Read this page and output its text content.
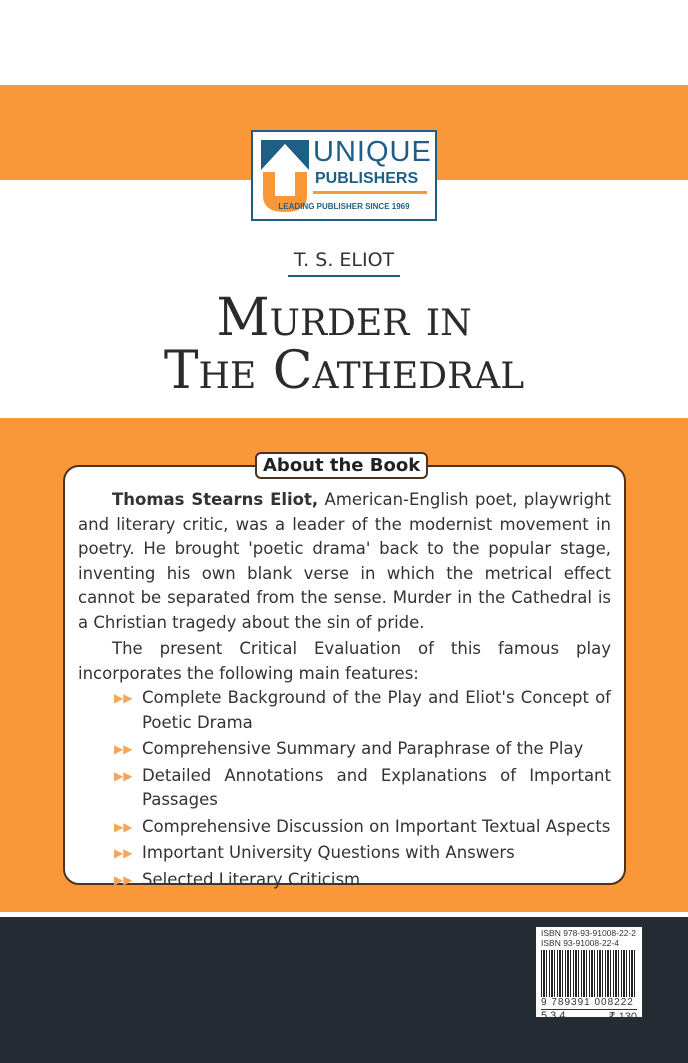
UNIQUE
PUBLISHERS
LEADING PUBLISHER SINCE 1969
T. S. ELIOT
Murder in
The Cathedral
About the Book

Thomas Stearns Eliot, American-English poet, playwright and literary critic, was a leader of the modernist movement in poetry. He brought 'poetic drama' back to the popular stage, inventing his own blank verse in which the metrical effect cannot be separated from the sense. Murder in the Cathedral is a Christian tragedy about the sin of pride.

The present Critical Evaluation of this famous play incorporates the following main features:

▶▶ Complete Background of the Play and Eliot's Concept of Poetic Drama
▶▶ Comprehensive Summary and Paraphrase of the Play
▶▶ Detailed Annotations and Explanations of Important Passages
▶▶ Comprehensive Discussion on Important Textual Aspects
▶▶ Important University Questions with Answers
▶▶ Selected Literary Criticism
ISBN 978-93-91008-22-2
ISBN 93-91008-22-4
9 789391 008222
5.3.4	₹ 130
